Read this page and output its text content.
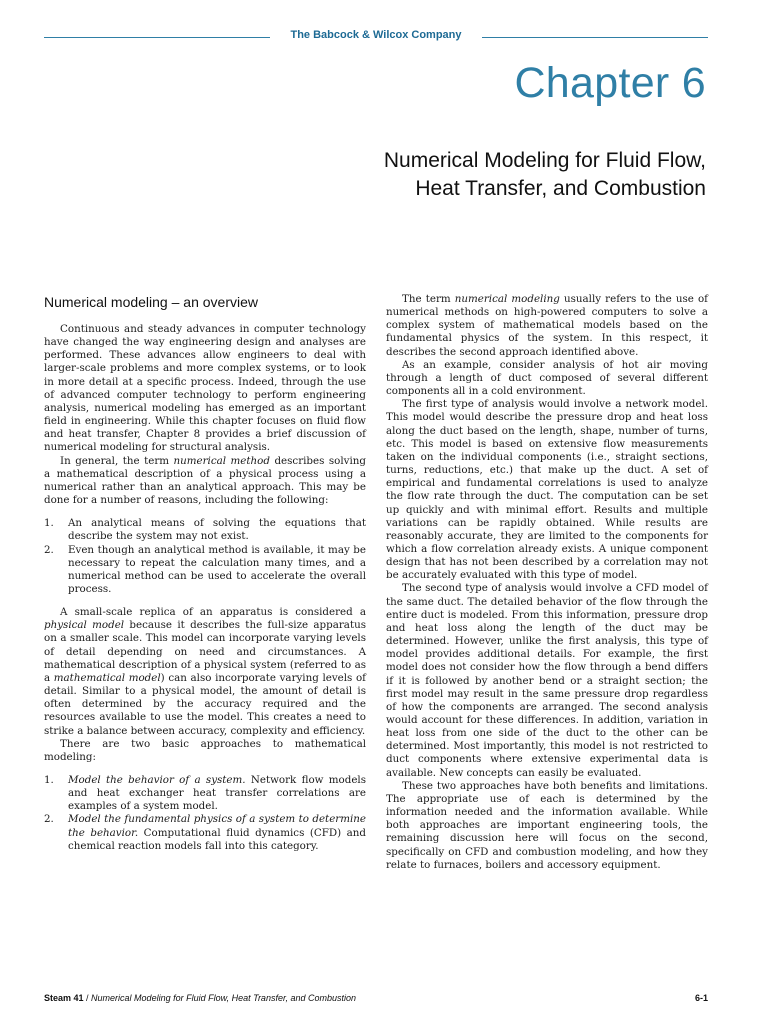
The Babcock & Wilcox Company
Chapter 6
Numerical Modeling for Fluid Flow,
Heat Transfer, and Combustion
Numerical modeling – an overview

Continuous and steady advances in computer technology have changed the way engineering design and analyses are performed. These advances allow engineers to deal with larger-scale problems and more complex systems, or to look in more detail at a specific process. Indeed, through the use of advanced computer technology to perform engineering analysis, numerical modeling has emerged as an important field in engineering. While this chapter focuses on fluid flow and heat transfer, Chapter 8 provides a brief discussion of numerical modeling for structural analysis.

In general, the term numerical method describes solving a mathematical description of a physical process using a numerical rather than an analytical approach. This may be done for a number of reasons, including the following:

1. An analytical means of solving the equations that describe the system may not exist.
2. Even though an analytical method is available, it may be necessary to repeat the calculation many times, and a numerical method can be used to accelerate the overall process.

A small-scale replica of an apparatus is considered a physical model because it describes the full-size apparatus on a smaller scale. This model can incorporate varying levels of detail depending on need and circumstances. A mathematical description of a physical system (referred to as a mathematical model) can also incorporate varying levels of detail. Similar to a physical model, the amount of detail is often determined by the accuracy required and the resources available to use the model. This creates a need to strike a balance between accuracy, complexity and efficiency.

There are two basic approaches to mathematical modeling:

1. Model the behavior of a system. Network flow models and heat exchanger heat transfer correlations are examples of a system model.
2. Model the fundamental physics of a system to determine the behavior. Computational fluid dynamics (CFD) and chemical reaction models fall into this category.

The term numerical modeling usually refers to the use of numerical methods on high-powered computers to solve a complex system of mathematical models based on the fundamental physics of the system. In this respect, it describes the second approach identified above.

As an example, consider analysis of hot air moving through a length of duct composed of several different components all in a cold environment.

The first type of analysis would involve a network model. This model would describe the pressure drop and heat loss along the duct based on the length, shape, number of turns, etc. This model is based on extensive flow measurements taken on the individual components (i.e., straight sections, turns, reductions, etc.) that make up the duct. A set of empirical and fundamental correlations is used to analyze the flow rate through the duct. The computation can be set up quickly and with minimal effort. Results and multiple variations can be rapidly obtained. While results are reasonably accurate, they are limited to the components for which a flow correlation already exists. A unique component design that has not been described by a correlation may not be accurately evaluated with this type of model.

The second type of analysis would involve a CFD model of the same duct. The detailed behavior of the flow through the entire duct is modeled. From this information, pressure drop and heat loss along the length of the duct may be determined. However, unlike the first analysis, this type of model provides additional details. For example, the first model does not consider how the flow through a bend differs if it is followed by another bend or a straight section; the first model may result in the same pressure drop regardless of how the components are arranged. The second analysis would account for these differences. In addition, variation in heat loss from one side of the duct to the other can be determined. Most importantly, this model is not restricted to duct components where extensive experimental data is available. New concepts can easily be evaluated.

These two approaches have both benefits and limitations. The appropriate use of each is determined by the information needed and the information available. While both approaches are important engineering tools, the remaining discussion here will focus on the second, specifically on CFD and combustion modeling, and how they relate to furnaces, boilers and accessory equipment.

Steam 41 / Numerical Modeling for Fluid Flow, Heat Transfer, and Combustion	6-1
